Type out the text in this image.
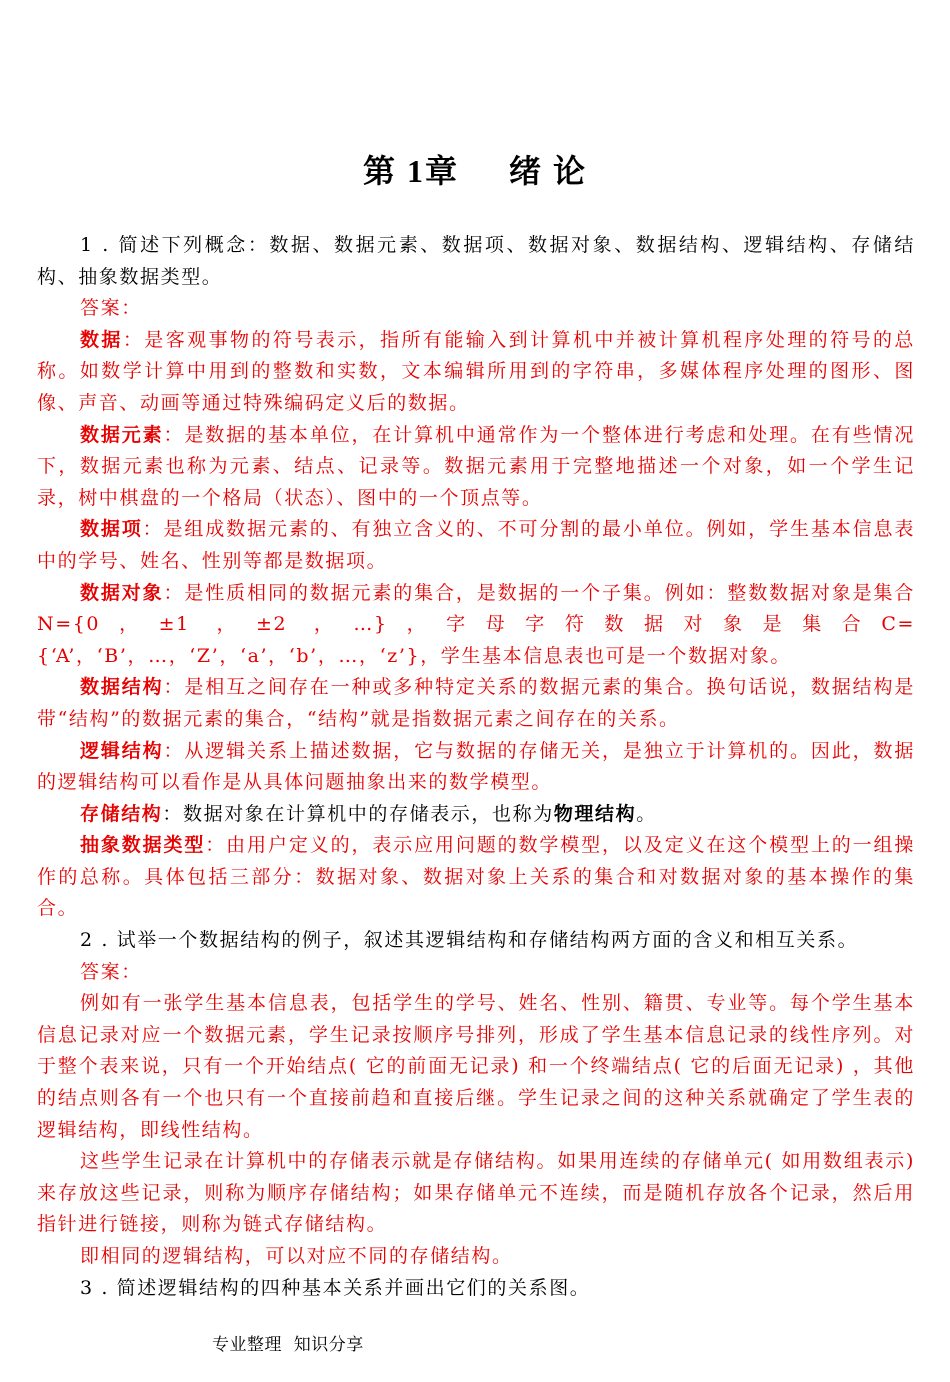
第 1章     绪 论

1 . 简述下列概念：数据、数据元素、数据项、数据对象、数据结构、逻辑结构、存储结构、抽象数据类型。

答案：

数据：是客观事物的符号表示，指所有能输入到计算机中并被计算机程序处理的符号的总称。如数学计算中用到的整数和实数，文本编辑所用到的字符串，多媒体程序处理的图形、图像、声音、动画等通过特殊编码定义后的数据。

数据元素：是数据的基本单位，在计算机中通常作为一个整体进行考虑和处理。在有些情况下，数据元素也称为元素、结点、记录等。数据元素用于完整地描述一个对象，如一个学生记录，树中棋盘的一个格局（状态）、图中的一个顶点等。

数据项：是组成数据元素的、有独立含义的、不可分割的最小单位。例如，学生基本信息表中的学号、姓名、性别等都是数据项。

数据对象：是性质相同的数据元素的集合，是数据的一个子集。例如：整数数据对象是集合N={0，±1 ，±2 ，…}，字母字符数据对象是集合C={‘A’，‘B’，…，‘Z’，‘a’，‘b’，…，‘z’}，学生基本信息表也可是一个数据对象。

数据结构：是相互之间存在一种或多种特定关系的数据元素的集合。换句话说，数据结构是带“结构”的数据元素的集合，“结构”就是指数据元素之间存在的关系。

逻辑结构：从逻辑关系上描述数据，它与数据的存储无关，是独立于计算机的。因此，数据的逻辑结构可以看作是从具体问题抽象出来的数学模型。

存储结构：数据对象在计算机中的存储表示，也称为物理结构。

抽象数据类型：由用户定义的，表示应用问题的数学模型，以及定义在这个模型上的一组操作的总称。具体包括三部分：数据对象、数据对象上关系的集合和对数据对象的基本操作的集合。

2 . 试举一个数据结构的例子，叙述其逻辑结构和存储结构两方面的含义和相互关系。

答案：

例如有一张学生基本信息表，包括学生的学号、姓名、性别、籍贯、专业等。每个学生基本信息记录对应一个数据元素，学生记录按顺序号排列，形成了学生基本信息记录的线性序列。对于整个表来说，只有一个开始结点( 它的前面无记录) 和一个终端结点( 它的后面无记录) ，其他的结点则各有一个也只有一个直接前趋和直接后继。学生记录之间的这种关系就确定了学生表的逻辑结构，即线性结构。

这些学生记录在计算机中的存储表示就是存储结构。如果用连续的存储单元( 如用数组表示) 来存放这些记录，则称为顺序存储结构；如果存储单元不连续，而是随机存放各个记录，然后用指针进行链接，则称为链式存储结构。

即相同的逻辑结构，可以对应不同的存储结构。

3 . 简述逻辑结构的四种基本关系并画出它们的关系图。

专业整理  知识分享
